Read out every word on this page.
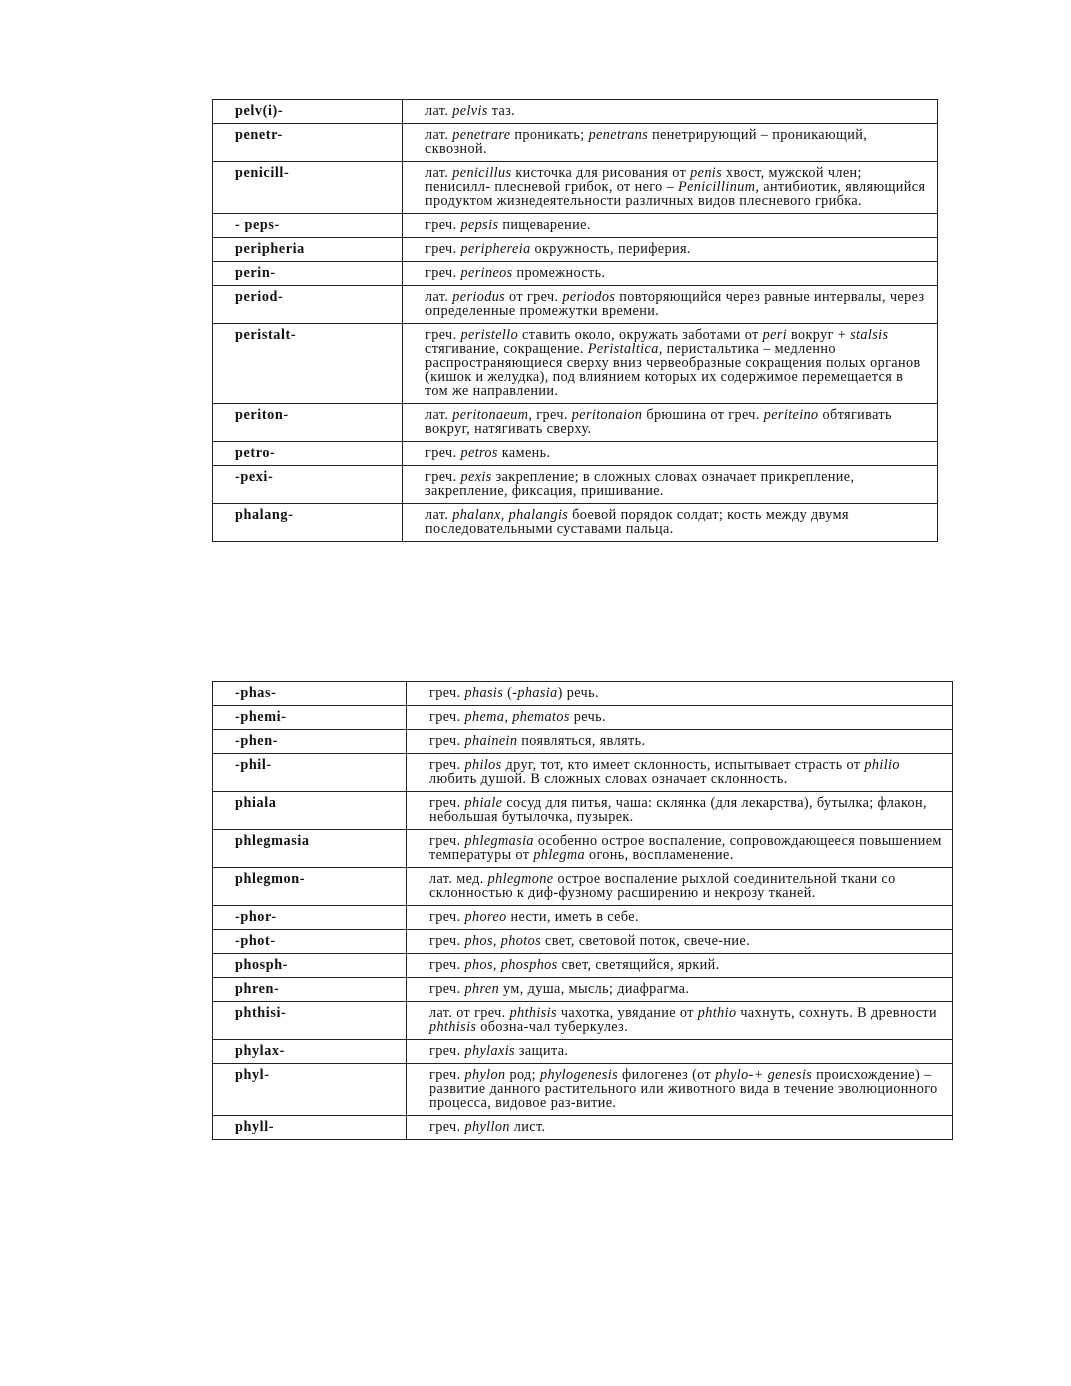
pelv(i)-	лат. pelvis таз.
penetr-	лат. penetrare проникать; penetrans пенетрирующий – проникающий, сквозной.
penicill-	лат. penicillus кисточка для рисования от penis хвост, мужской член; пенисилл- плесневой грибок, от него – Penicillinum, антибиотик, являющийся продуктом жизнедеятельности различных видов плесневого грибка.
- peps-	греч. pepsis пищеварение.
peripheria	греч. periphereia окружность, периферия.
perin-	греч. perineos промежность.
period-	лат. periodus от греч. periodos повторяющийся через равные интервалы, через определенные промежутки времени.
peristalt-	греч. peristello ставить около, окружать заботами от peri вокруг + stalsis стягивание, сокращение. Peristaltica, перистальтика – медленно распространяющиеся сверху вниз червеобразные сокращения полых органов (кишок и желудка), под влиянием которых их содержимое перемещается в том же направлении.
periton-	лат. peritonaeum, греч. peritonaion брюшина от греч. periteino обтягивать вокруг, натягивать сверху.
petro-	греч. petros камень.
-pexi-	греч. pexis закрепление; в сложных словах означает прикрепление, закрепление, фиксация, пришивание.
phalang-	лат. phalanx, phalangis боевой порядок солдат; кость между двумя последовательными суставами пальца.
-phas-	греч. phasis (-phasia) речь.
-phemi-	греч. phema, phematos речь.
-phen-	греч. phainein появляться, являть.
-phil-	греч. philos друг, тот, кто имеет склонность, испытывает страсть от philio любить душой. В сложных словах означает склонность.
phiala	греч. phiale сосуд для питья, чаша: склянка (для лекарства), бутылка; флакон, небольшая бутылочка, пузырек.
phlegmasia	греч. phlegmasia особенно острое воспаление, сопровождающееся повышением температуры от phlegma огонь, воспламенение.
phlegmon-	лат. мед. phlegmone острое воспаление рыхлой соединительной ткани со склонностью к диф-фузному расширению и некрозу тканей.
-phor-	греч. phoreo нести, иметь в себе.
-phot-	греч. phos, photos свет, световой поток, свече-ние.
phosph-	греч. phos, phosphos свет, светящийся, яркий.
phren-	греч. phren ум, душа, мысль; диафрагма.
phthisi-	лат. от греч. phthisis чахотка, увядание от phthio чахнуть, сохнуть. В древности phthisis обозна-чал туберкулез.
phylax-	греч. phylaxis защита.
phyl-	греч. phylon род; phylogenesis филогенез (от phylo-+ genesis происхождение) – развитие данного растительного или животного вида в течение эволюционного процесса, видовое раз-витие.
phyll-	греч. phyllon лист.
